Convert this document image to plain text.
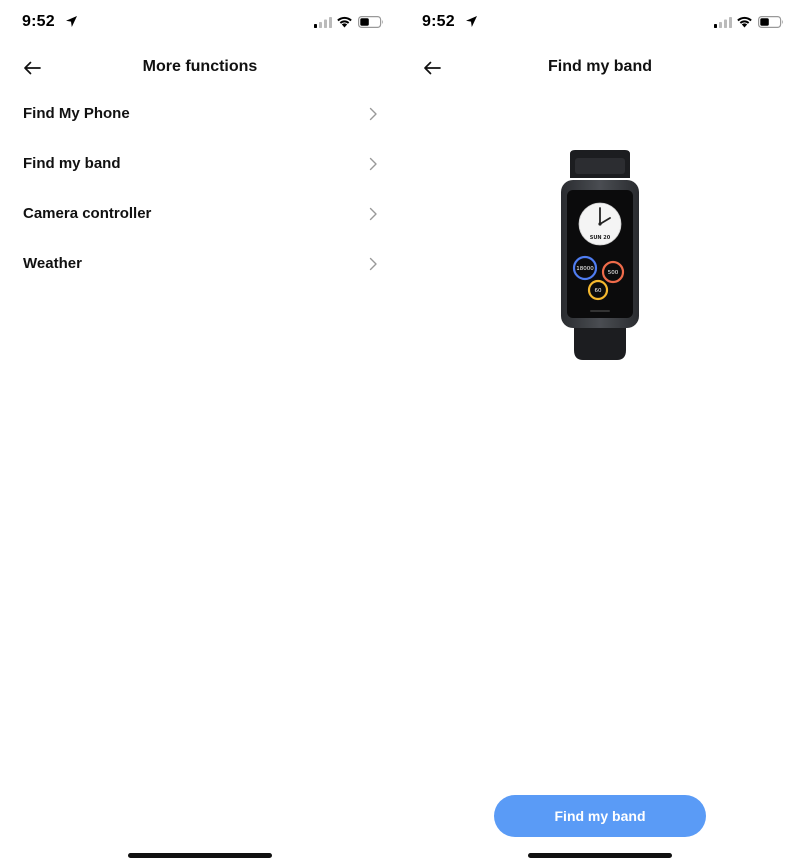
9:52
More functions
Find My Phone
Find my band
Camera controller
Weather
9:52
Find my band
SUN 20
18000
500
60
Find my band
